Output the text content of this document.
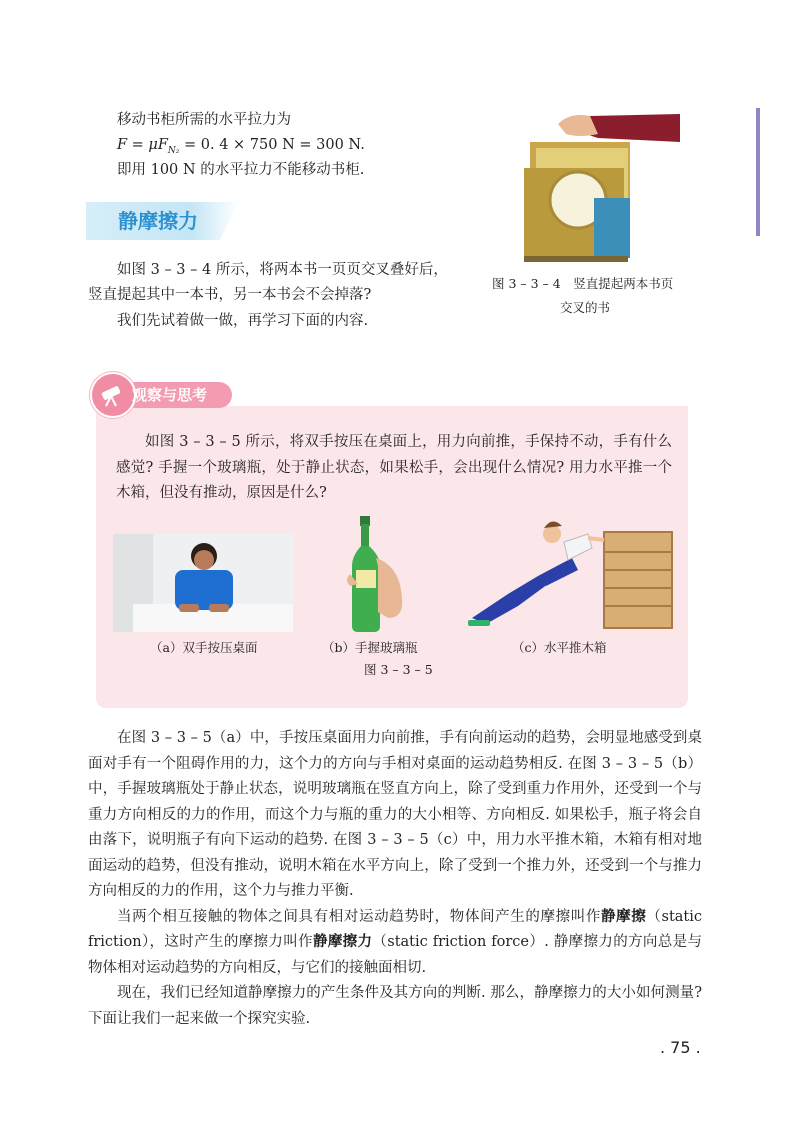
移动书柜所需的水平拉力为
$F = \mu F_{N_2} = 0$. 4 × 750 N = 300 N.
即用 100 N 的水平拉力不能移动书柜.
静摩擦力
如图 3 – 3 – 4 所示，将两本书一页页交叉叠好后，
竖直提起其中一本书，另一本书会不会掉落?
我们先试着做一做，再学习下面的内容.
图 3 – 3 – 4　竖直提起两本书页
交叉的书
观察与思考

如图 3 – 3 – 5 所示，将双手按压在桌面上，用力向前推，手保持不动，手有什么感觉? 手握一个玻璃瓶，处于静止状态，如果松手，会出现什么情况? 用力水平推一个木箱，但没有推动，原因是什么?

（a）双手按压桌面	（b）手握玻璃瓶	（c）水平推木箱
图 3 – 3 – 5

在图 3 – 3 – 5（a）中，手按压桌面用力向前推，手有向前运动的趋势，会明显地感受到桌面对手有一个阻碍作用的力，这个力的方向与手相对桌面的运动趋势相反. 在图 3 – 3 – 5（b）中，手握玻璃瓶处于静止状态，说明玻璃瓶在竖直方向上，除了受到重力作用外，还受到一个与重力方向相反的力的作用，而这个力与瓶的重力的大小相等、方向相反. 如果松手，瓶子将会自由落下，说明瓶子有向下运动的趋势. 在图 3 – 3 – 5（c）中，用力水平推木箱，木箱有相对地面运动的趋势，但没有推动，说明木箱在水平方向上，除了受到一个推力外，还受到一个与推力方向相反的力的作用，这个力与推力平衡.

当两个相互接触的物体之间具有相对运动趋势时，物体间产生的摩擦叫作静摩擦（static friction），这时产生的摩擦力叫作静摩擦力（static friction force）. 静摩擦力的方向总是与物体相对运动趋势的方向相反，与它们的接触面相切.

现在，我们已经知道静摩擦力的产生条件及其方向的判断. 那么，静摩擦力的大小如何测量? 下面让我们一起来做一个探究实验.

. 75 .
